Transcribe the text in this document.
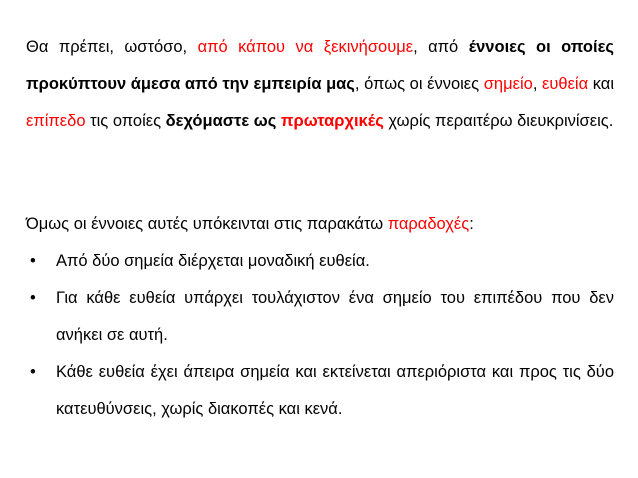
Θα πρέπει, ωστόσο, από κάπου να ξεκινήσουμε, από έννοιες οι οποίες προκύπτουν άμεσα από την εμπειρία μας, όπως οι έννοιες σημείο, ευθεία και επίπεδο τις οποίες δεχόμαστε ως πρωταρχικές χωρίς περαιτέρω διευκρινίσεις.

Όμως οι έννοιες αυτές υπόκεινται στις παρακάτω παραδοχές:

• Από δύο σημεία διέρχεται μοναδική ευθεία.
• Για κάθε ευθεία υπάρχει τουλάχιστον ένα σημείο του επιπέδου που δεν ανήκει σε αυτή.
• Κάθε ευθεία έχει άπειρα σημεία και εκτείνεται απεριόριστα και προς τις δύο κατευθύνσεις, χωρίς διακοπές και κενά.
